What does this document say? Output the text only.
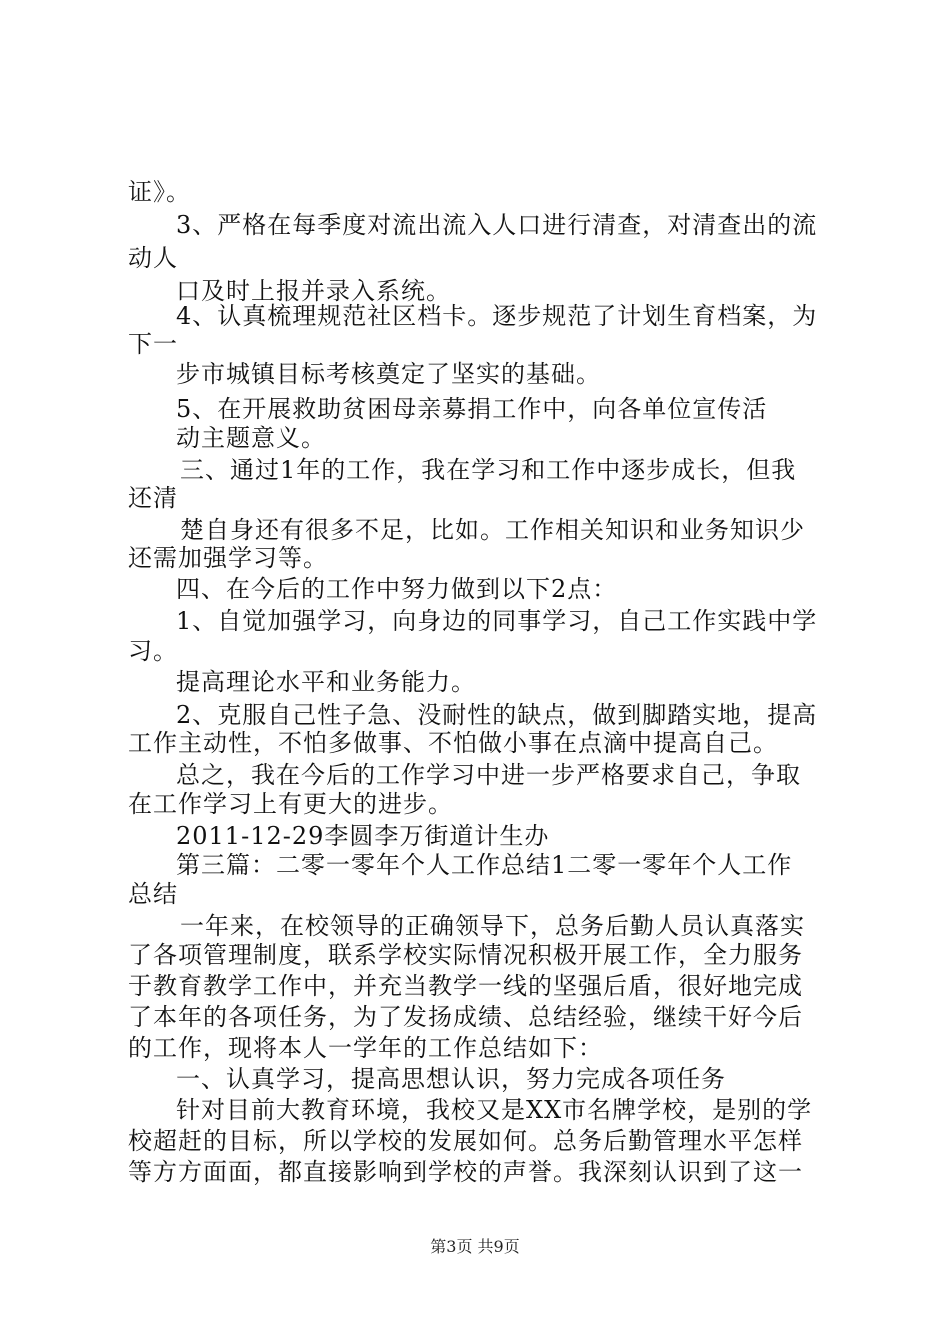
证》。
3、严格在每季度对流出流入人口进行清查，对清查出的流
动人
口及时上报并录入系统。
4、认真梳理规范社区档卡。逐步规范了计划生育档案，为
下一
步市城镇目标考核奠定了坚实的基础。
5、在开展救助贫困母亲募捐工作中，向各单位宣传活
动主题意义。
三、通过1年的工作，我在学习和工作中逐步成长，但我
还清
楚自身还有很多不足，比如。工作相关知识和业务知识少
还需加强学习等。
四、在今后的工作中努力做到以下2点：
1、自觉加强学习，向身边的同事学习，自己工作实践中学
习。
提高理论水平和业务能力。
2、克服自己性子急、没耐性的缺点，做到脚踏实地，提高
工作主动性，不怕多做事、不怕做小事在点滴中提高自己。
总之，我在今后的工作学习中进一步严格要求自己，争取
在工作学习上有更大的进步。
2011-12-29李圆李万街道计生办
第三篇：二零一零年个人工作总结1二零一零年个人工作
总结
一年来，在校领导的正确领导下，总务后勤人员认真落实
了各项管理制度，联系学校实际情况积极开展工作，全力服务
于教育教学工作中，并充当教学一线的坚强后盾，很好地完成
了本年的各项任务，为了发扬成绩、总结经验，继续干好今后
的工作，现将本人一学年的工作总结如下：
一、认真学习，提高思想认识，努力完成各项任务
针对目前大教育环境，我校又是XX市名牌学校，是别的学
校超赶的目标，所以学校的发展如何。总务后勤管理水平怎样
等方方面面，都直接影响到学校的声誉。我深刻认识到了这一
第3页 共9页
